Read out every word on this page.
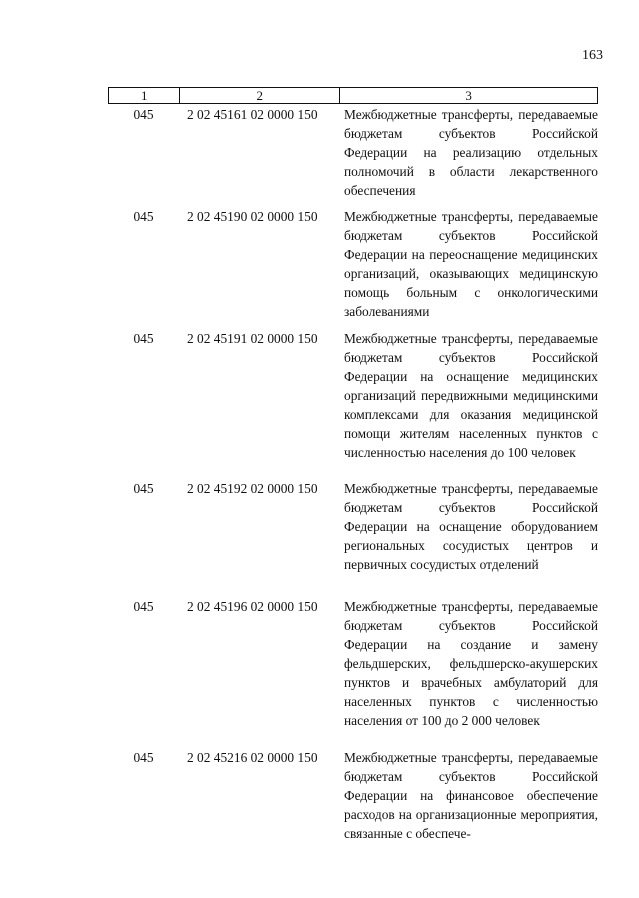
163
1	2	3
045	2 02 45161 02 0000 150	Межбюджетные трансферты, передаваемые бюджетам субъектов Российской Федерации на реализацию отдельных полномочий в области лекарственного обеспечения
045	2 02 45190 02 0000 150	Межбюджетные трансферты, передаваемые бюджетам субъектов Российской Федерации на переоснащение медицинских организаций, оказывающих медицинскую помощь больным с онкологическими заболеваниями
045	2 02 45191 02 0000 150	Межбюджетные трансферты, передаваемые бюджетам субъектов Российской Федерации на оснащение медицинских организаций передвижными медицинскими комплексами для оказания медицинской помощи жителям населенных пунктов с численностью населения до 100 человек
045	2 02 45192 02 0000 150	Межбюджетные трансферты, передаваемые бюджетам субъектов Российской Федерации на оснащение оборудованием региональных сосудистых центров и первичных сосудистых отделений
045	2 02 45196 02 0000 150	Межбюджетные трансферты, передаваемые бюджетам субъектов Российской Федерации на создание и замену фельдшерских, фельдшерско-акушерских пунктов и врачебных амбулаторий для населенных пунктов с численностью населения от 100 до 2 000 человек
045	2 02 45216 02 0000 150	Межбюджетные трансферты, передаваемые бюджетам субъектов Российской Федерации на финансовое обеспечение расходов на организационные мероприятия, связанные с обеспече-
